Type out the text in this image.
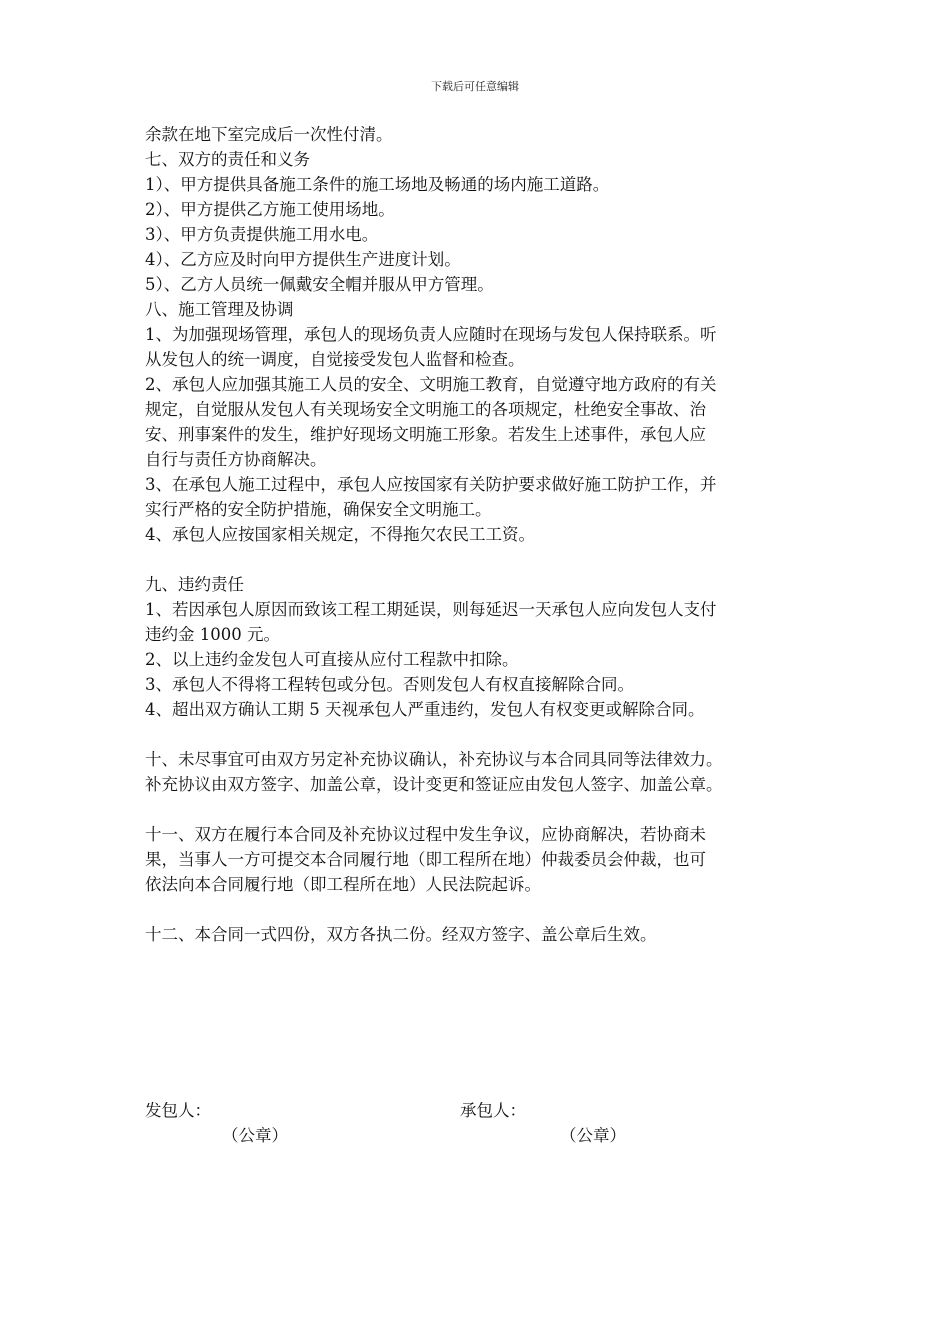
下载后可任意编辑
余款在地下室完成后一次性付清。
七、双方的责任和义务
1）、甲方提供具备施工条件的施工场地及畅通的场内施工道路。
2）、甲方提供乙方施工使用场地。
3）、甲方负责提供施工用水电。
4）、乙方应及时向甲方提供生产进度计划。
5）、乙方人员统一佩戴安全帽并服从甲方管理。
八、施工管理及协调
1、为加强现场管理，承包人的现场负责人应随时在现场与发包人保持联系。听
从发包人的统一调度，自觉接受发包人监督和检查。
2、承包人应加强其施工人员的安全、文明施工教育，自觉遵守地方政府的有关
规定，自觉服从发包人有关现场安全文明施工的各项规定，杜绝安全事故、治
安、刑事案件的发生，维护好现场文明施工形象。若发生上述事件，承包人应
自行与责任方协商解决。
3、在承包人施工过程中，承包人应按国家有关防护要求做好施工防护工作，并
实行严格的安全防护措施，确保安全文明施工。
4、承包人应按国家相关规定，不得拖欠农民工工资。
九、违约责任
1、若因承包人原因而致该工程工期延误，则每延迟一天承包人应向发包人支付
违约金 1000 元。
2、以上违约金发包人可直接从应付工程款中扣除。
3、承包人不得将工程转包或分包。否则发包人有权直接解除合同。
4、超出双方确认工期 5 天视承包人严重违约，发包人有权变更或解除合同。
十、未尽事宜可由双方另定补充协议确认，补充协议与本合同具同等法律效力。
补充协议由双方签字、加盖公章，设计变更和签证应由发包人签字、加盖公章。
十一、双方在履行本合同及补充协议过程中发生争议，应协商解决，若协商未
果，当事人一方可提交本合同履行地（即工程所在地）仲裁委员会仲裁，也可
依法向本合同履行地（即工程所在地）人民法院起诉。
十二、本合同一式四份，双方各执二份。经双方签字、盖公章后生效。
发包人：
（公章）
承包人：
（公章）
